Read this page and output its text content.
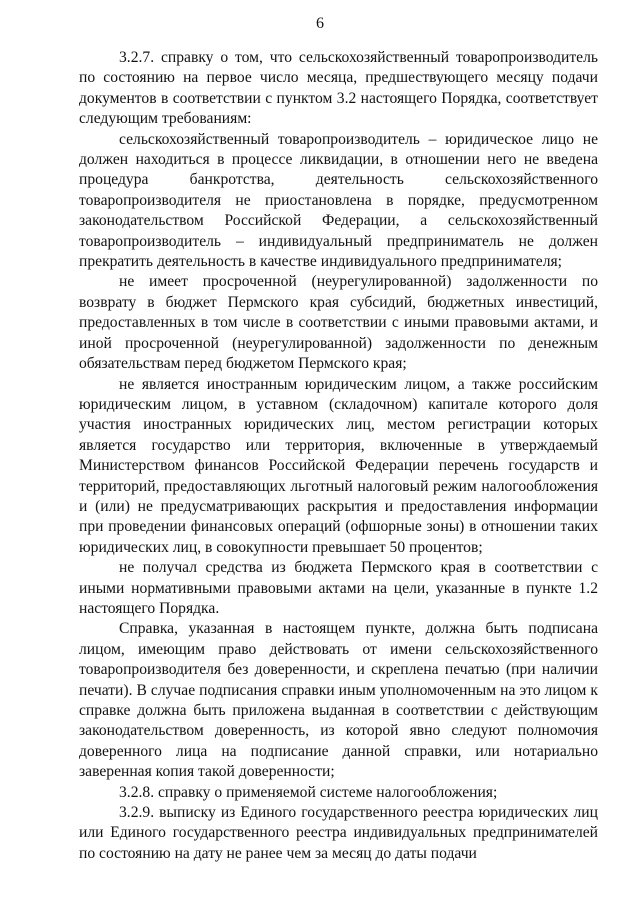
6

3.2.7. справку о том, что сельскохозяйственный товаропроизводитель по состоянию на первое число месяца, предшествующего месяцу подачи документов в соответствии с пунктом 3.2 настоящего Порядка, соответствует следующим требованиям:

сельскохозяйственный товаропроизводитель – юридическое лицо не должен находиться в процессе ликвидации, в отношении него не введена процедура банкротства, деятельность сельскохозяйственного товаропроизводителя не приостановлена в порядке, предусмотренном законодательством Российской Федерации, а сельскохозяйственный товаропроизводитель – индивидуальный предприниматель не должен прекратить деятельность в качестве индивидуального предпринимателя;

не имеет просроченной (неурегулированной) задолженности по возврату в бюджет Пермского края субсидий, бюджетных инвестиций, предоставленных в том числе в соответствии с иными правовыми актами, и иной просроченной (неурегулированной) задолженности по денежным обязательствам перед бюджетом Пермского края;

не является иностранным юридическим лицом, а также российским юридическим лицом, в уставном (складочном) капитале которого доля участия иностранных юридических лиц, местом регистрации которых является государство или территория, включенные в утверждаемый Министерством финансов Российской Федерации перечень государств и территорий, предоставляющих льготный налоговый режим налогообложения и (или) не предусматривающих раскрытия и предоставления информации при проведении финансовых операций (офшорные зоны) в отношении таких юридических лиц, в совокупности превышает 50 процентов;

не получал средства из бюджета Пермского края в соответствии с иными нормативными правовыми актами на цели, указанные в пункте 1.2 настоящего Порядка.

Справка, указанная в настоящем пункте, должна быть подписана лицом, имеющим право действовать от имени сельскохозяйственного товаропроизводителя без доверенности, и скреплена печатью (при наличии печати). В случае подписания справки иным уполномоченным на это лицом к справке должна быть приложена выданная в соответствии с действующим законодательством доверенность, из которой явно следуют полномочия доверенного лица на подписание данной справки, или нотариально заверенная копия такой доверенности;

3.2.8. справку о применяемой системе налогообложения;

3.2.9. выписку из Единого государственного реестра юридических лиц или Единого государственного реестра индивидуальных предпринимателей по состоянию на дату не ранее чем за месяц до даты подачи
